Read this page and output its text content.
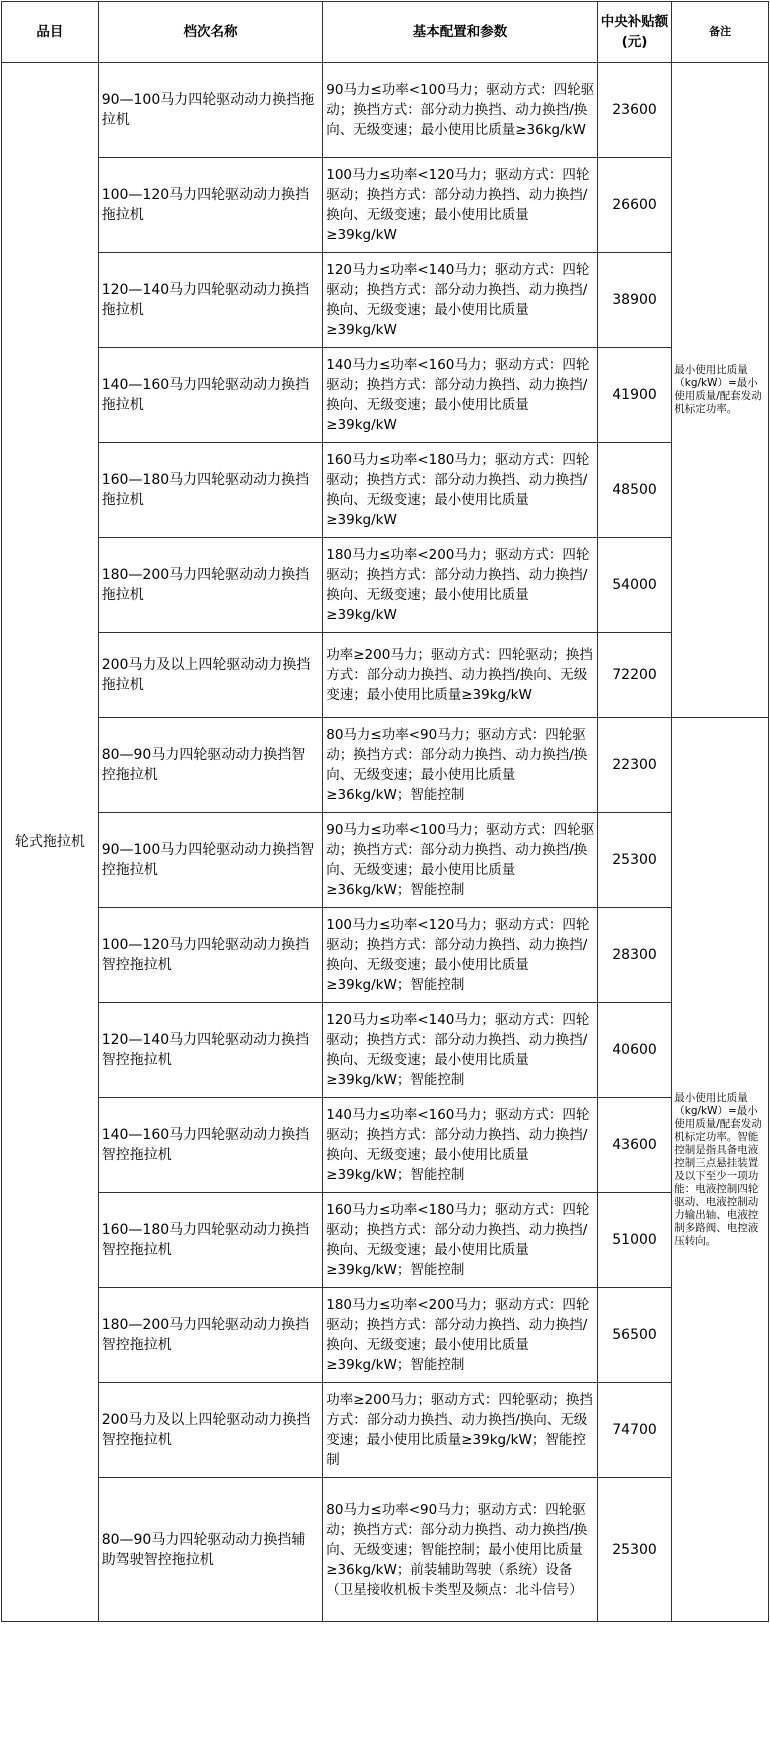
品目	档次名称	基本配置和参数	中央补贴额(元)	备注
轮式拖拉机	90—100马力四轮驱动动力换挡拖拉机	90马力≤功率<100马力；驱动方式：四轮驱动；换挡方式：部分动力换挡、动力换挡/换向、无级变速；最小使用比质量≥36kg/kW	23600	最小使用比质量（kg/kW）=最小使用质量/配套发动机标定功率。
	100—120马力四轮驱动动力换挡拖拉机	100马力≤功率<120马力；驱动方式：四轮驱动；换挡方式：部分动力换挡、动力换挡/换向、无级变速；最小使用比质量≥39kg/kW	26600	
	120—140马力四轮驱动动力换挡拖拉机	120马力≤功率<140马力；驱动方式：四轮驱动；换挡方式：部分动力换挡、动力换挡/换向、无级变速；最小使用比质量≥39kg/kW	38900	
	140—160马力四轮驱动动力换挡拖拉机	140马力≤功率<160马力；驱动方式：四轮驱动；换挡方式：部分动力换挡、动力换挡/换向、无级变速；最小使用比质量≥39kg/kW	41900	
	160—180马力四轮驱动动力换挡拖拉机	160马力≤功率<180马力；驱动方式：四轮驱动；换挡方式：部分动力换挡、动力换挡/换向、无级变速；最小使用比质量≥39kg/kW	48500	
	180—200马力四轮驱动动力换挡拖拉机	180马力≤功率<200马力；驱动方式：四轮驱动；换挡方式：部分动力换挡、动力换挡/换向、无级变速；最小使用比质量≥39kg/kW	54000	
	200马力及以上四轮驱动动力换挡拖拉机	功率≥200马力；驱动方式：四轮驱动；换挡方式：部分动力换挡、动力换挡/换向、无级变速；最小使用比质量≥39kg/kW	72200	
	80—90马力四轮驱动动力换挡智控拖拉机	80马力≤功率<90马力；驱动方式：四轮驱动；换挡方式：部分动力换挡、动力换挡/换向、无级变速；最小使用比质量≥36kg/kW；智能控制	22300	最小使用比质量（kg/kW）=最小使用质量/配套发动机标定功率。智能控制是指具备电液控制三点悬挂装置及以下至少一项功能：电液控制四轮驱动、电液控制动力输出轴、电液控制多路阀、电控液压转向。
	90—100马力四轮驱动动力换挡智控拖拉机	90马力≤功率<100马力；驱动方式：四轮驱动；换挡方式：部分动力换挡、动力换挡/换向、无级变速；最小使用比质量≥36kg/kW；智能控制	25300	
	100—120马力四轮驱动动力换挡智控拖拉机	100马力≤功率<120马力；驱动方式：四轮驱动；换挡方式：部分动力换挡、动力换挡/换向、无级变速；最小使用比质量≥39kg/kW；智能控制	28300	
	120—140马力四轮驱动动力换挡智控拖拉机	120马力≤功率<140马力；驱动方式：四轮驱动；换挡方式：部分动力换挡、动力换挡/换向、无级变速；最小使用比质量≥39kg/kW；智能控制	40600	
	140—160马力四轮驱动动力换挡智控拖拉机	140马力≤功率<160马力；驱动方式：四轮驱动；换挡方式：部分动力换挡、动力换挡/换向、无级变速；最小使用比质量≥39kg/kW；智能控制	43600	
	160—180马力四轮驱动动力换挡智控拖拉机	160马力≤功率<180马力；驱动方式：四轮驱动；换挡方式：部分动力换挡、动力换挡/换向、无级变速；最小使用比质量≥39kg/kW；智能控制	51000	
	180—200马力四轮驱动动力换挡智控拖拉机	180马力≤功率<200马力；驱动方式：四轮驱动；换挡方式：部分动力换挡、动力换挡/换向、无级变速；最小使用比质量≥39kg/kW；智能控制	56500	
	200马力及以上四轮驱动动力换挡智控拖拉机	功率≥200马力；驱动方式：四轮驱动；换挡方式：部分动力换挡、动力换挡/换向、无级变速；最小使用比质量≥39kg/kW；智能控制	74700	
	80—90马力四轮驱动动力换挡辅助驾驶智控拖拉机	80马力≤功率<90马力；驱动方式：四轮驱动；换挡方式：部分动力换挡、动力换挡/换向、无级变速；智能控制；最小使用比质量≥36kg/kW；前装辅助驾驶（系统）设备（卫星接收机板卡类型及频点：北斗信号）	25300	
